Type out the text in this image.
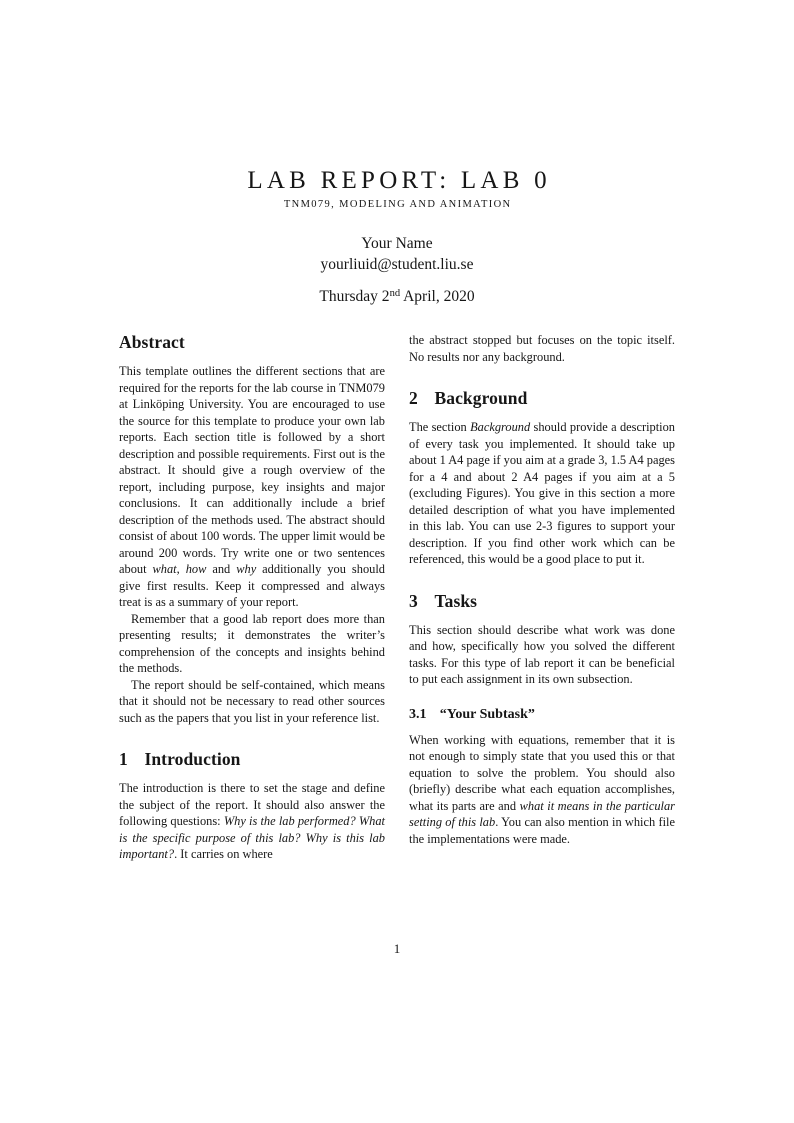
LAB REPORT: LAB 0
TNM079, MODELING AND ANIMATION
Your Name
yourliuid@student.liu.se
Thursday 2nd April, 2020
Abstract

This template outlines the different sections that are required for the reports for the lab course in TNM079 at Linköping University. You are encouraged to use the source for this template to produce your own lab reports. Each section title is followed by a short description and possible requirements. First out is the abstract. It should give a rough overview of the report, including purpose, key insights and major conclusions. It can additionally include a brief description of the methods used. The abstract should consist of about 100 words. The upper limit would be around 200 words. Try write one or two sentences about what, how and why additionally you should give first results. Keep it compressed and always treat is as a summary of your report.

Remember that a good lab report does more than presenting results; it demonstrates the writer’s comprehension of the concepts and insights behind the methods.

The report should be self-contained, which means that it should not be necessary to read other sources such as the papers that you list in your reference list.

1 Introduction

The introduction is there to set the stage and define the subject of the report. It should also answer the following questions: Why is the lab performed? What is the specific purpose of this lab? Why is this lab important?. It carries on where

the abstract stopped but focuses on the topic itself. No results nor any background.

2 Background

The section Background should provide a description of every task you implemented. It should take up about 1 A4 page if you aim at a grade 3, 1.5 A4 pages for a 4 and about 2 A4 pages if you aim at a 5 (excluding Figures). You give in this section a more detailed description of what you have implemented in this lab. You can use 2-3 figures to support your description. If you find other work which can be referenced, this would be a good place to put it.

3 Tasks

This section should describe what work was done and how, specifically how you solved the different tasks. For this type of lab report it can be beneficial to put each assignment in its own subsection.

3.1 “Your Subtask”

When working with equations, remember that it is not enough to simply state that you used this or that equation to solve the problem. You should also (briefly) describe what each equation accomplishes, what its parts are and what it means in the particular setting of this lab. You can also mention in which file the implementations were made.

1
